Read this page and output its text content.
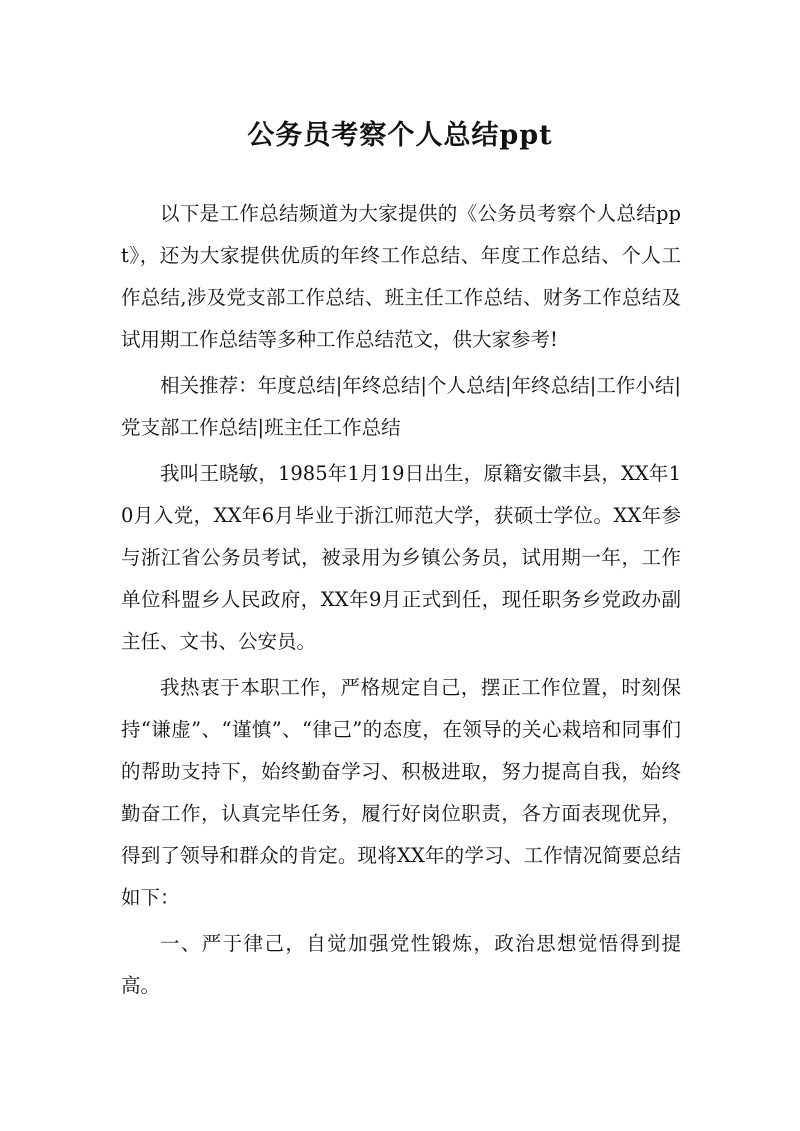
公务员考察个人总结ppt

以下是工作总结频道为大家提供的《公务员考察个人总结ppt》，还为大家提供优质的年终工作总结、年度工作总结、个人工作总结,涉及党支部工作总结、班主任工作总结、财务工作总结及试用期工作总结等多种工作总结范文，供大家参考!

相关推荐：年度总结|年终总结|个人总结|年终总结|工作小结|党支部工作总结|班主任工作总结

我叫王晓敏，1985年1月19日出生，原籍安徽丰县，XX年10月入党，XX年6月毕业于浙江师范大学，获硕士学位。XX年参与浙江省公务员考试，被录用为乡镇公务员，试用期一年，工作单位科盟乡人民政府，XX年9月正式到任，现任职务乡党政办副主任、文书、公安员。

我热衷于本职工作，严格规定自己，摆正工作位置，时刻保持“谦虚”、“谨慎”、“律己”的态度，在领导的关心栽培和同事们的帮助支持下，始终勤奋学习、积极进取，努力提高自我，始终勤奋工作，认真完毕任务，履行好岗位职责，各方面表现优异，得到了领导和群众的肯定。现将XX年的学习、工作情况简要总结如下：

一、严于律己，自觉加强党性锻炼，政治思想觉悟得到提高。
